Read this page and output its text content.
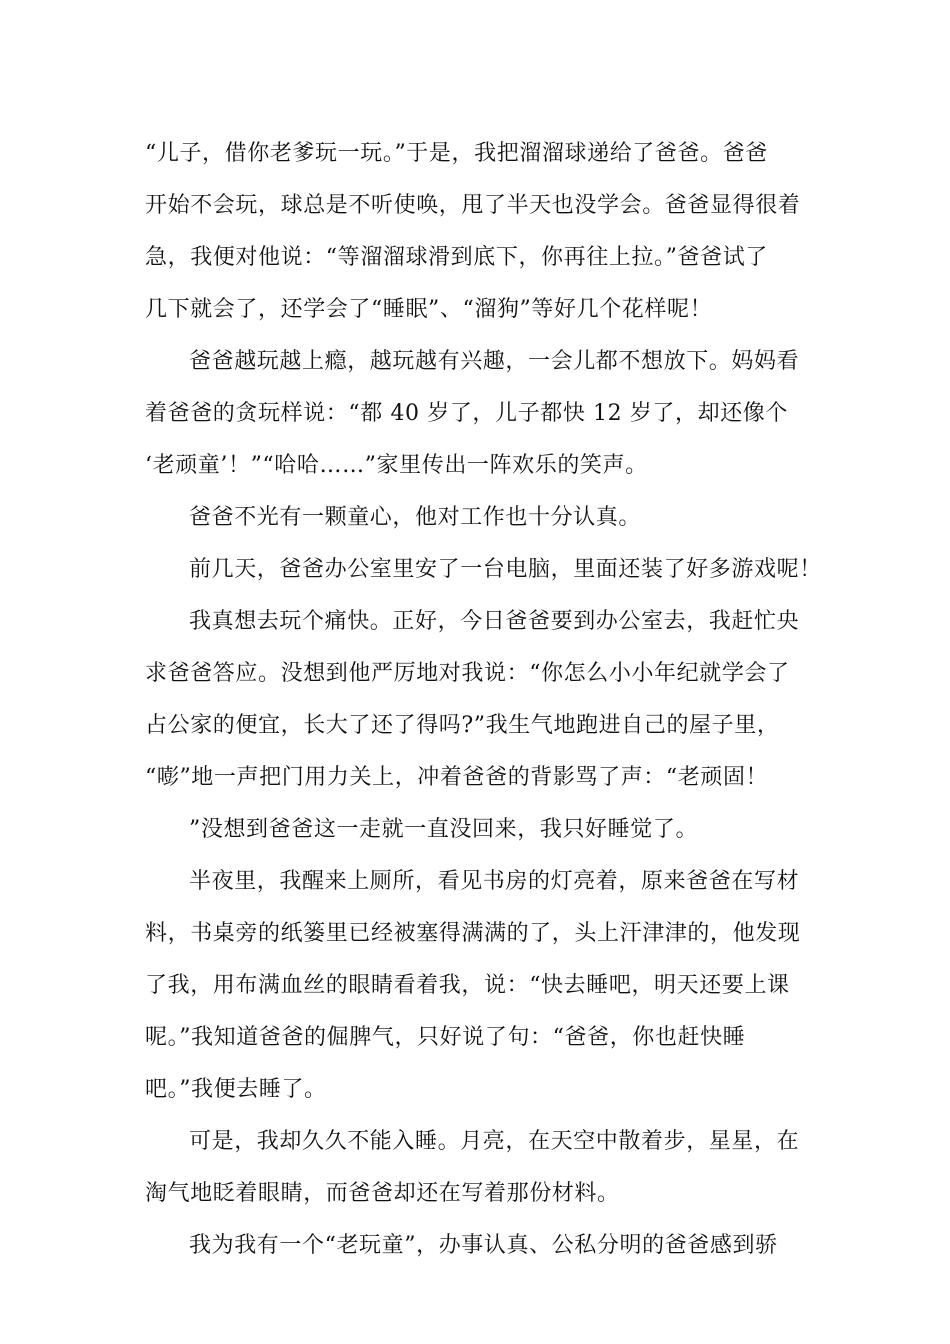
“儿子，借你老爹玩一玩。”于是，我把溜溜球递给了爸爸。爸爸
开始不会玩，球总是不听使唤，甩了半天也没学会。爸爸显得很着
急，我便对他说：“等溜溜球滑到底下，你再往上拉。”爸爸试了
几下就会了，还学会了“睡眠”、“溜狗”等好几个花样呢！
爸爸越玩越上瘾，越玩越有兴趣，一会儿都不想放下。妈妈看
着爸爸的贪玩样说：“都 40 岁了，儿子都快 12 岁了，却还像个
‘老顽童’！”“哈哈……”家里传出一阵欢乐的笑声。
爸爸不光有一颗童心，他对工作也十分认真。
前几天，爸爸办公室里安了一台电脑，里面还装了好多游戏呢！
我真想去玩个痛快。正好，今日爸爸要到办公室去，我赶忙央
求爸爸答应。没想到他严厉地对我说：“你怎么小小年纪就学会了
占公家的便宜，长大了还了得吗?”我生气地跑进自己的屋子里，
“嘭”地一声把门用力关上，冲着爸爸的背影骂了声：“老顽固！
”没想到爸爸这一走就一直没回来，我只好睡觉了。
半夜里，我醒来上厕所，看见书房的灯亮着，原来爸爸在写材
料，书桌旁的纸篓里已经被塞得满满的了，头上汗津津的，他发现
了我，用布满血丝的眼睛看着我，说：“快去睡吧，明天还要上课
呢。”我知道爸爸的倔脾气，只好说了句：“爸爸，你也赶快睡
吧。”我便去睡了。
可是，我却久久不能入睡。月亮，在天空中散着步，星星，在
淘气地眨着眼睛，而爸爸却还在写着那份材料。
我为我有一个“老玩童”，办事认真、公私分明的爸爸感到骄
